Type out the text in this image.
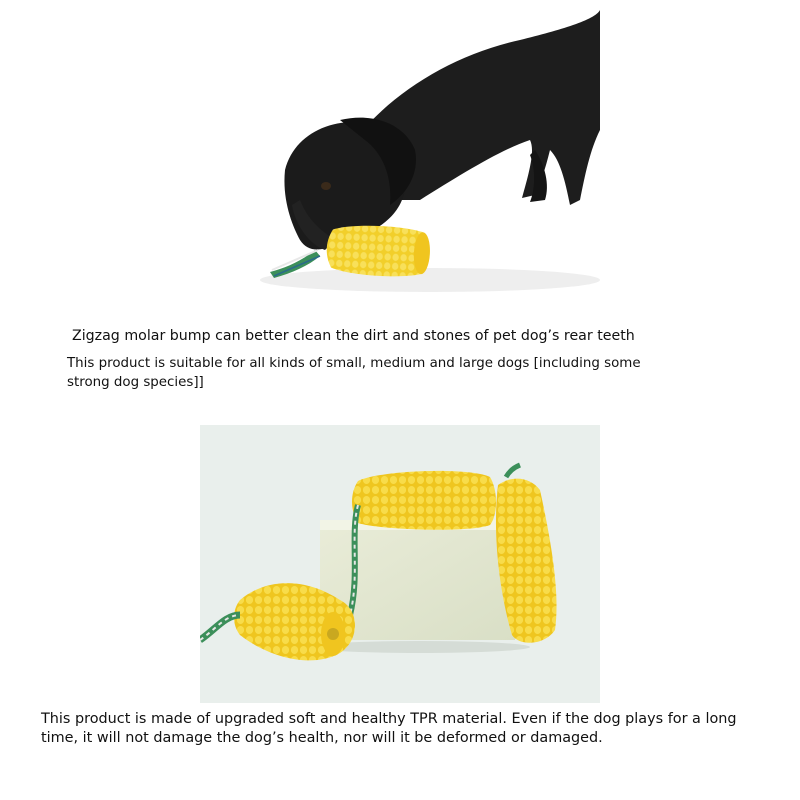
Zigzag molar bump can better clean the dirt and stones of pet dog’s rear teeth

This product is suitable for all kinds of small, medium and large dogs [including some
strong dog species]]

This product is made of upgraded soft and healthy TPR material. Even if the dog plays for a long
time, it will not damage the dog’s health, nor will it be deformed or damaged.
